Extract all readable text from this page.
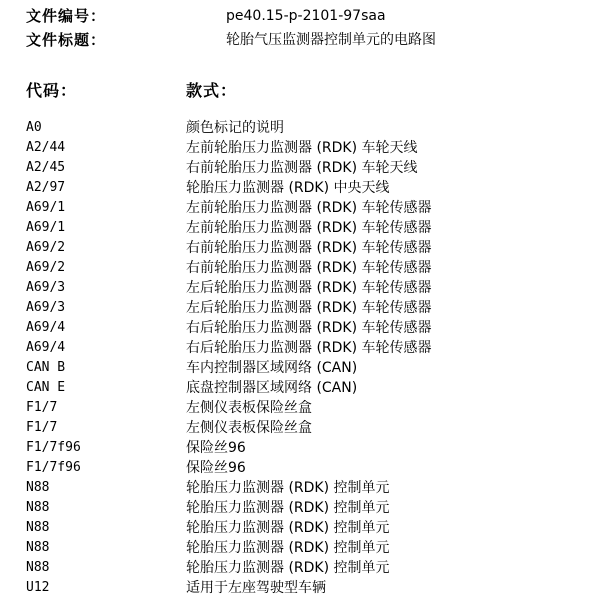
文件编号：	pe40.15-p-2101-97saa
文件标题：	轮胎气压监测器控制单元的电路图
代码：	款式：
A0	颜色标记的说明
A2/44	左前轮胎压力监测器 (RDK) 车轮天线
A2/45	右前轮胎压力监测器 (RDK) 车轮天线
A2/97	轮胎压力监测器 (RDK) 中央天线
A69/1	左前轮胎压力监测器 (RDK) 车轮传感器
A69/1	左前轮胎压力监测器 (RDK) 车轮传感器
A69/2	右前轮胎压力监测器 (RDK) 车轮传感器
A69/2	右前轮胎压力监测器 (RDK) 车轮传感器
A69/3	左后轮胎压力监测器 (RDK) 车轮传感器
A69/3	左后轮胎压力监测器 (RDK) 车轮传感器
A69/4	右后轮胎压力监测器 (RDK) 车轮传感器
A69/4	右后轮胎压力监测器 (RDK) 车轮传感器
CAN B	车内控制器区域网络 (CAN)
CAN E	底盘控制器区域网络 (CAN)
F1/7	左侧仪表板保险丝盒
F1/7	左侧仪表板保险丝盒
F1/7f96	保险丝96
F1/7f96	保险丝96
N88	轮胎压力监测器 (RDK) 控制单元
N88	轮胎压力监测器 (RDK) 控制单元
N88	轮胎压力监测器 (RDK) 控制单元
N88	轮胎压力监测器 (RDK) 控制单元
N88	轮胎压力监测器 (RDK) 控制单元
U12	适用于左座驾驶型车辆
